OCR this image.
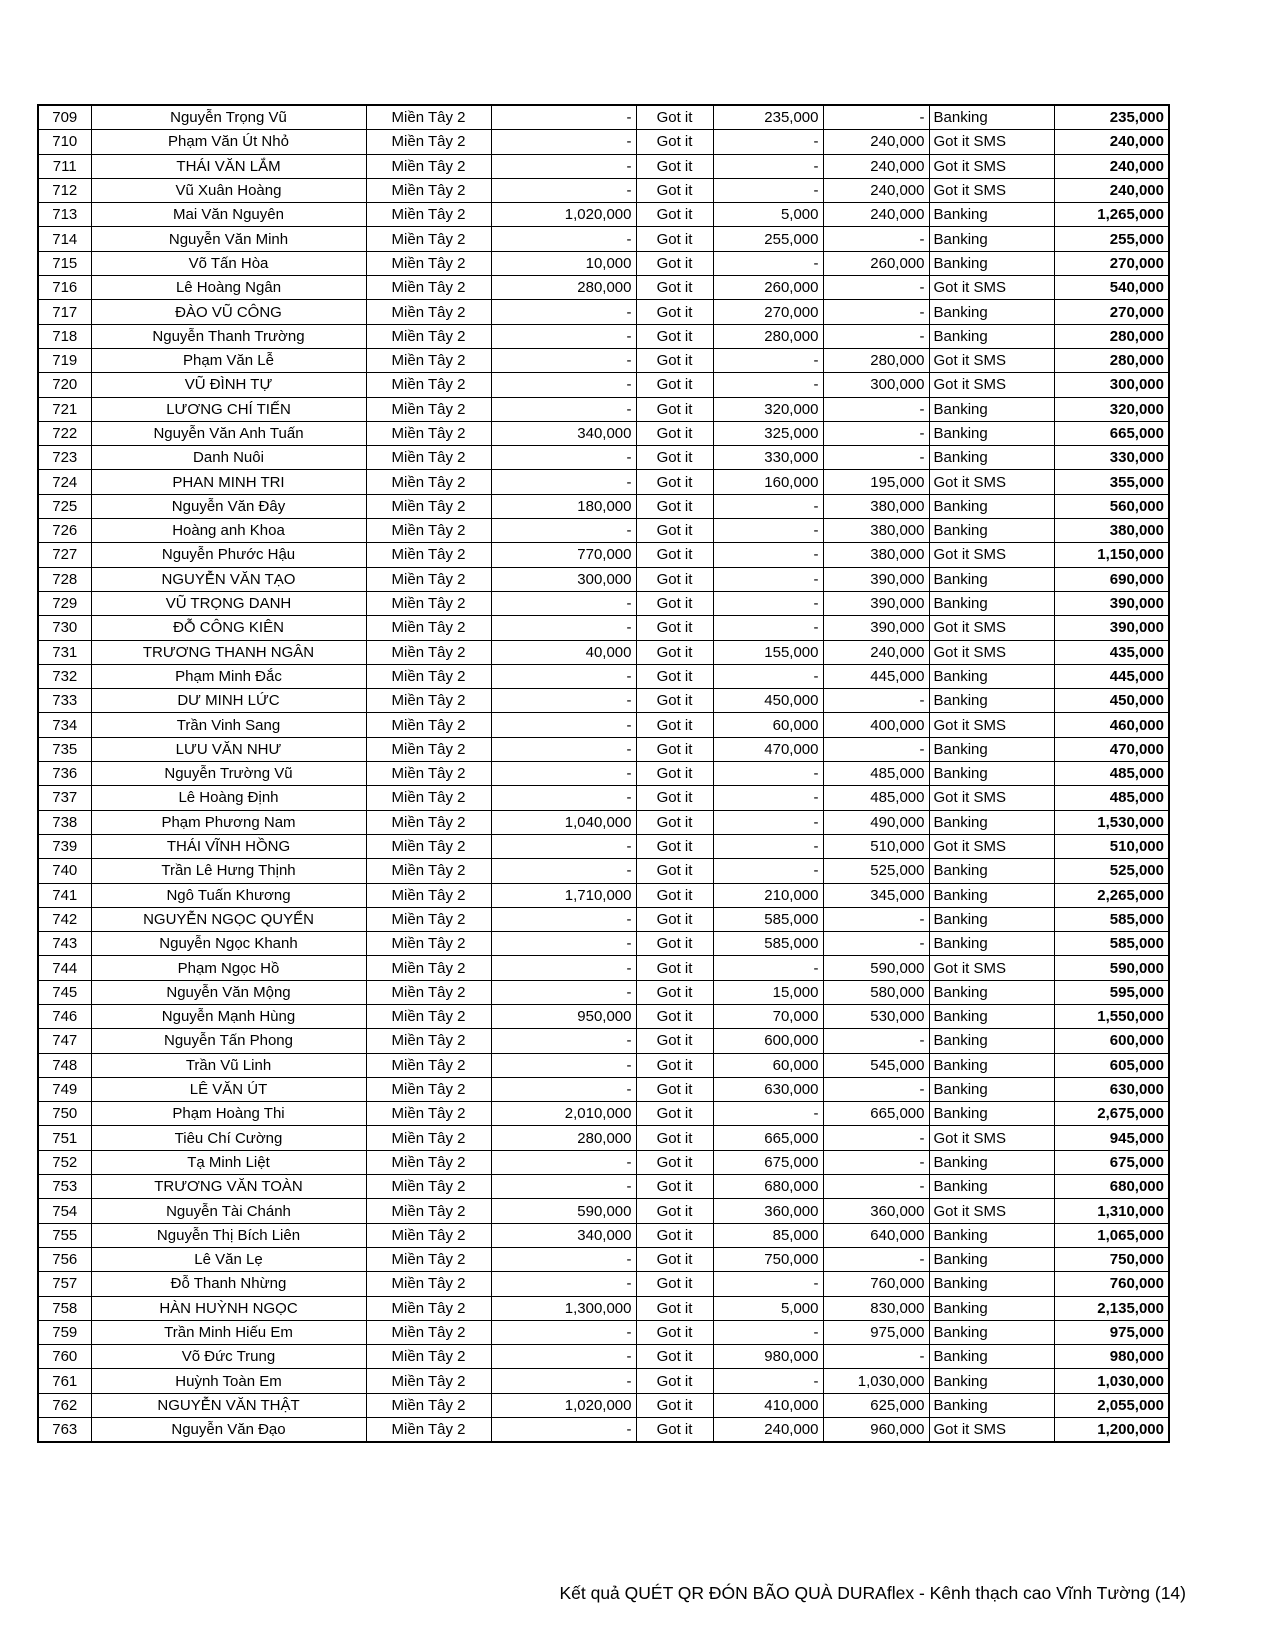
709	Nguyễn Trọng Vũ	Miền Tây 2	-	Got it	235,000	-	Banking	235,000
710	Phạm Văn Út Nhỏ	Miền Tây 2	-	Got it	-	240,000	Got it SMS	240,000
711	THÁI VĂN LẮM	Miền Tây 2	-	Got it	-	240,000	Got it SMS	240,000
712	Vũ Xuân Hoàng	Miền Tây 2	-	Got it	-	240,000	Got it SMS	240,000
713	Mai Văn Nguyên	Miền Tây 2	1,020,000	Got it	5,000	240,000	Banking	1,265,000
714	Nguyễn Văn Minh	Miền Tây 2	-	Got it	255,000	-	Banking	255,000
715	Võ Tấn Hòa	Miền Tây 2	10,000	Got it	-	260,000	Banking	270,000
716	Lê Hoàng Ngân	Miền Tây 2	280,000	Got it	260,000	-	Got it SMS	540,000
717	ĐÀO VŨ CÔNG	Miền Tây 2	-	Got it	270,000	-	Banking	270,000
718	Nguyễn Thanh Trường	Miền Tây 2	-	Got it	280,000	-	Banking	280,000
719	Phạm Văn Lễ	Miền Tây 2	-	Got it	-	280,000	Got it SMS	280,000
720	VŨ ĐÌNH TỰ	Miền Tây 2	-	Got it	-	300,000	Got it SMS	300,000
721	LƯƠNG CHÍ TIẾN	Miền Tây 2	-	Got it	320,000	-	Banking	320,000
722	Nguyễn Văn Anh Tuấn	Miền Tây 2	340,000	Got it	325,000	-	Banking	665,000
723	Danh Nuôi	Miền Tây 2	-	Got it	330,000	-	Banking	330,000
724	PHAN MINH TRI	Miền Tây 2	-	Got it	160,000	195,000	Got it SMS	355,000
725	Nguyễn Văn Đây	Miền Tây 2	180,000	Got it	-	380,000	Banking	560,000
726	Hoàng anh Khoa	Miền Tây 2	-	Got it	-	380,000	Banking	380,000
727	Nguyễn Phước Hậu	Miền Tây 2	770,000	Got it	-	380,000	Got it SMS	1,150,000
728	NGUYỄN VĂN TẠO	Miền Tây 2	300,000	Got it	-	390,000	Banking	690,000
729	VŨ TRỌNG DANH	Miền Tây 2	-	Got it	-	390,000	Banking	390,000
730	ĐỖ CÔNG KIÊN	Miền Tây 2	-	Got it	-	390,000	Got it SMS	390,000
731	TRƯƠNG THANH NGÂN	Miền Tây 2	40,000	Got it	155,000	240,000	Got it SMS	435,000
732	Phạm Minh Đắc	Miền Tây 2	-	Got it	-	445,000	Banking	445,000
733	DƯ MINH LỨC	Miền Tây 2	-	Got it	450,000	-	Banking	450,000
734	Trần Vinh Sang	Miền Tây 2	-	Got it	60,000	400,000	Got it SMS	460,000
735	LƯU VĂN NHƯ	Miền Tây 2	-	Got it	470,000	-	Banking	470,000
736	Nguyễn Trường Vũ	Miền Tây 2	-	Got it	-	485,000	Banking	485,000
737	Lê Hoàng Định	Miền Tây 2	-	Got it	-	485,000	Got it SMS	485,000
738	Phạm Phương Nam	Miền Tây 2	1,040,000	Got it	-	490,000	Banking	1,530,000
739	THÁI VĨNH HỒNG	Miền Tây 2	-	Got it	-	510,000	Got it SMS	510,000
740	Trần Lê Hưng Thịnh	Miền Tây 2	-	Got it	-	525,000	Banking	525,000
741	Ngô Tuấn Khương	Miền Tây 2	1,710,000	Got it	210,000	345,000	Banking	2,265,000
742	NGUYỄN NGỌC QUYỂN	Miền Tây 2	-	Got it	585,000	-	Banking	585,000
743	Nguyễn Ngọc Khanh	Miền Tây 2	-	Got it	585,000	-	Banking	585,000
744	Phạm Ngọc Hồ	Miền Tây 2	-	Got it	-	590,000	Got it SMS	590,000
745	Nguyễn Văn Mộng	Miền Tây 2	-	Got it	15,000	580,000	Banking	595,000
746	Nguyễn Mạnh Hùng	Miền Tây 2	950,000	Got it	70,000	530,000	Banking	1,550,000
747	Nguyễn Tấn Phong	Miền Tây 2	-	Got it	600,000	-	Banking	600,000
748	Trần Vũ Linh	Miền Tây 2	-	Got it	60,000	545,000	Banking	605,000
749	LÊ VĂN ÚT	Miền Tây 2	-	Got it	630,000	-	Banking	630,000
750	Phạm Hoàng Thi	Miền Tây 2	2,010,000	Got it	-	665,000	Banking	2,675,000
751	Tiêu Chí Cường	Miền Tây 2	280,000	Got it	665,000	-	Got it SMS	945,000
752	Tạ Minh Liệt	Miền Tây 2	-	Got it	675,000	-	Banking	675,000
753	TRƯƠNG VĂN TOÀN	Miền Tây 2	-	Got it	680,000	-	Banking	680,000
754	Nguyễn Tài Chánh	Miền Tây 2	590,000	Got it	360,000	360,000	Got it SMS	1,310,000
755	Nguyễn Thị Bích Liên	Miền Tây 2	340,000	Got it	85,000	640,000	Banking	1,065,000
756	Lê Văn Lẹ	Miền Tây 2	-	Got it	750,000	-	Banking	750,000
757	Đỗ Thanh Nhừng	Miền Tây 2	-	Got it	-	760,000	Banking	760,000
758	HÀN HUỲNH NGỌC	Miền Tây 2	1,300,000	Got it	5,000	830,000	Banking	2,135,000
759	Trần Minh Hiếu Em	Miền Tây 2	-	Got it	-	975,000	Banking	975,000
760	Võ Đức Trung	Miền Tây 2	-	Got it	980,000	-	Banking	980,000
761	Huỳnh Toàn Em	Miền Tây 2	-	Got it	-	1,030,000	Banking	1,030,000
762	NGUYỄN VĂN THẬT	Miền Tây 2	1,020,000	Got it	410,000	625,000	Banking	2,055,000
763	Nguyễn Văn Đạo	Miền Tây 2	-	Got it	240,000	960,000	Got it SMS	1,200,000
Kết quả QUÉT QR ĐÓN BÃO QUÀ DURAflex - Kênh thạch cao Vĩnh Tường (14)
